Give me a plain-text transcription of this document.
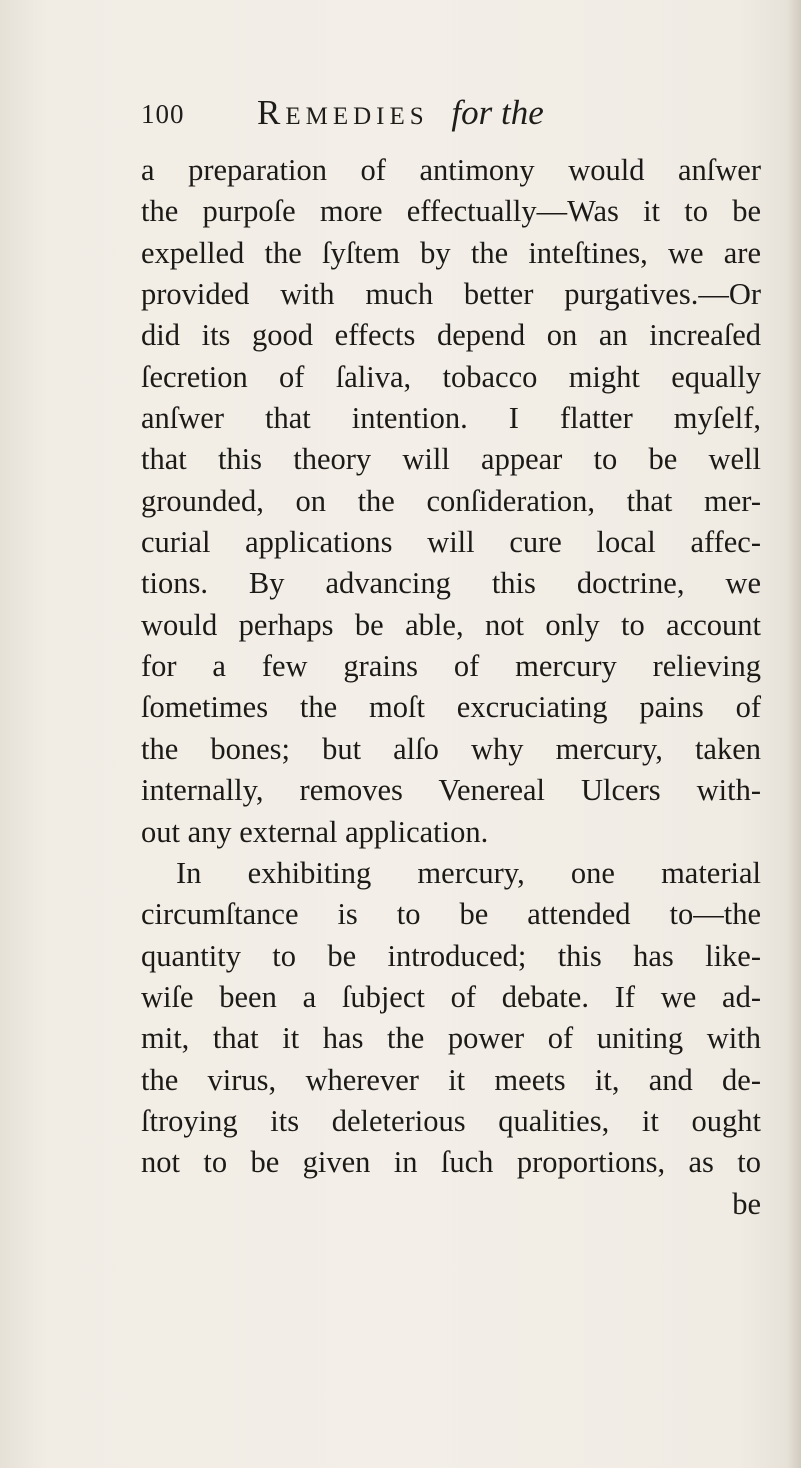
100 Remedies for the
a preparation of antimony would anſwer
the purpoſe more effectually—Was it to be
expelled the ſyſtem by the inteſtines, we are
provided with much better purgatives.—Or
did its good effects depend on an increaſed
ſecretion of ſaliva, tobacco might equally
anſwer that intention. I flatter myſelf,
that this theory will appear to be well
grounded, on the conſideration, that mer-
curial applications will cure local affec-
tions. By advancing this doctrine, we
would perhaps be able, not only to account
for a few grains of mercury relieving
ſometimes the moſt excruciating pains of
the bones; but alſo why mercury, taken
internally, removes Venereal Ulcers with-
out any external application.
In exhibiting mercury, one material
circumſtance is to be attended to—the
quantity to be introduced; this has like-
wiſe been a ſubject of debate. If we ad-
mit, that it has the power of uniting with
the virus, wherever it meets it, and de-
ſtroying its deleterious qualities, it ought
not to be given in ſuch proportions, as to
be
